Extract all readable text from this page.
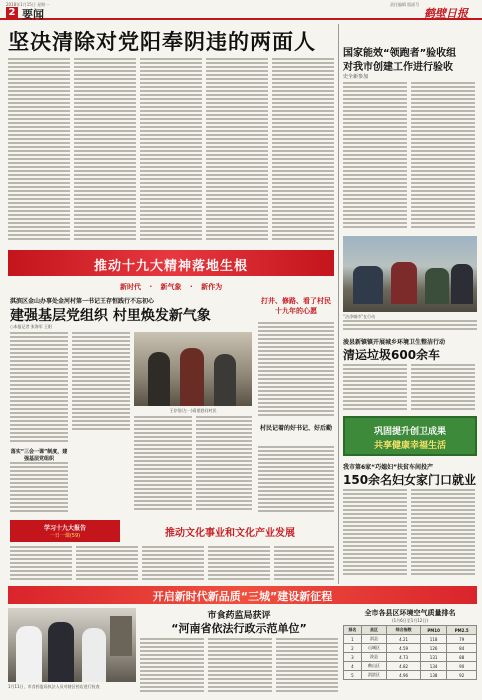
2018年1月15日 星期一	责任编辑 版面号
2 要闻	鹤壁日报
坚决清除对党阳奉阴违的两面人	国家能效“领跑者”验收组
对我市创建工作进行验收
史全新参加
“洁净城市”在行动
浚县新镇镇开展城乡环境卫生整洁行动
清运垃圾600余车
巩固提升创卫成果
共享健康幸福生活
我市第6家“巧媳妇”扶贫车间投产
150余名妇女家门口就业
推动十九大精神落地生根
新时代 · 新气象 · 新作为
淇滨区金山办事处金河村第一书记王存恒践行不忘初心
建强基层党组织 村里焕发新气象
○本报记者 张海军 王阳
落实“三会一课”制度，建强基层党组织
王存恒(左一)看望慰问村民
打井、修路、看了村民十九年的心愿
村民记着的好书记、好后勤
学习十九大报告
一日一课(59)	推动文化事业和文化产业发展
开启新时代新品质“三城”建设新征程
1月11日，市食药监局执法人员对辖区药店进行检查
市食药监局获评
“河南省依法行政示范单位”
全市各县区环境空气质量排名
(1月6日至1月12日)
排名	县区	综合指数	PM10	PM2.5
1	淇县	4.21	118	79
2	山城区	4.59	126	84
3	浚县	4.73	131	88
4	鹤山区	4.82	134	90
5	淇滨区	4.96	138	92
